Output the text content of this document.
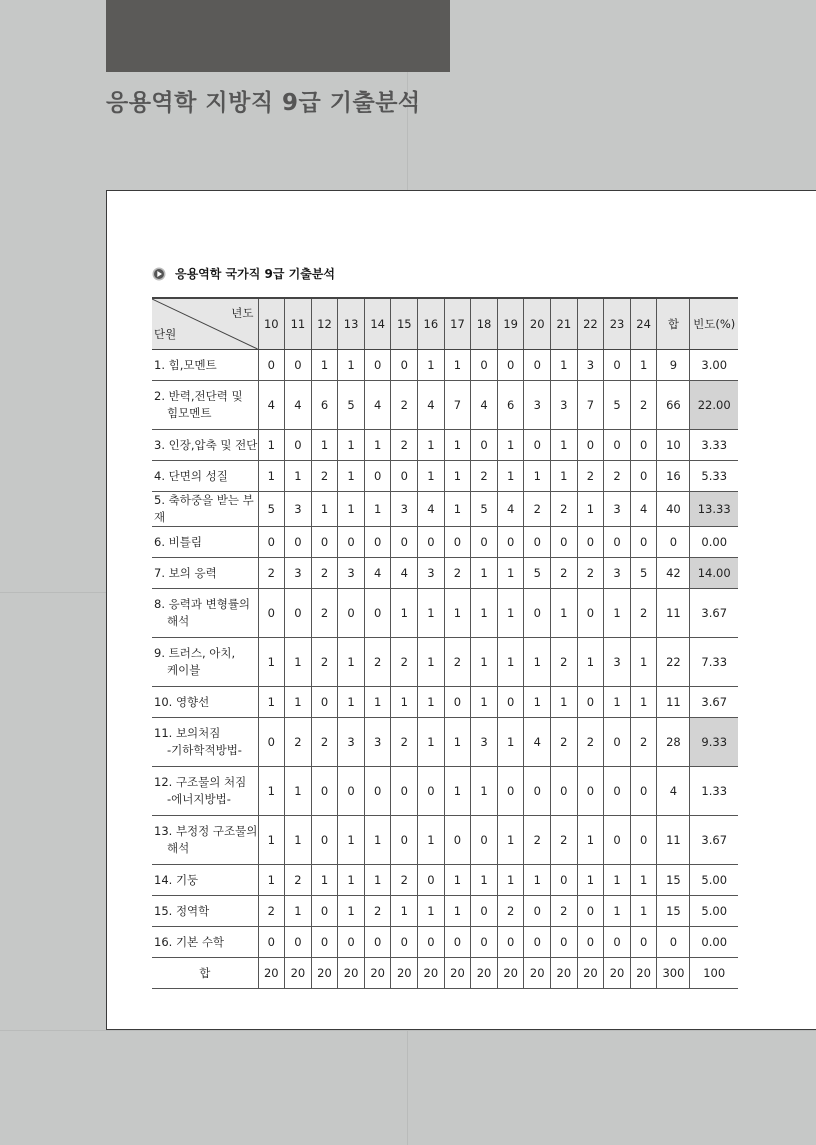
응용역학 지방직 9급 기출분석
응용역학 국가직 9급 기출분석
년도
단원	10	11	12	13	14	15	16	17	18	19	20	21	22	23	24	합	빈도(%)

1. 힘,모멘트	0	0	1	1	0	0	1	1	0	0	0	1	3	0	1	9	3.00

2. 반력,전단력 및
힘모멘트	4	4	6	5	4	2	4	7	4	6	3	3	7	5	2	66	22.00

3. 인장,압축 및 전단	1	0	1	1	1	2	1	1	0	1	0	1	0	0	0	10	3.33

4. 단면의 성질	1	1	2	1	0	0	1	1	2	1	1	1	2	2	0	16	5.33

5. 축하중을 받는 부재	5	3	1	1	1	3	4	1	5	4	2	2	1	3	4	40	13.33

6. 비틀림	0	0	0	0	0	0	0	0	0	0	0	0	0	0	0	0	0.00

7. 보의 응력	2	3	2	3	4	4	3	2	1	1	5	2	2	3	5	42	14.00

8. 응력과 변형률의
해석	0	0	2	0	0	1	1	1	1	1	0	1	0	1	2	11	3.67

9. 트러스, 아치,
케이블	1	1	2	1	2	2	1	2	1	1	1	2	1	3	1	22	7.33

10. 영향선	1	1	0	1	1	1	1	0	1	0	1	1	0	1	1	11	3.67

11. 보의처짐
-기하학적방법-	0	2	2	3	3	2	1	1	3	1	4	2	2	0	2	28	9.33

12. 구조물의 처짐
-에너지방법-	1	1	0	0	0	0	0	1	1	0	0	0	0	0	0	4	1.33

13. 부정정 구조물의
해석	1	1	0	1	1	0	1	0	0	1	2	2	1	0	0	11	3.67

14. 기둥	1	2	1	1	1	2	0	1	1	1	1	0	1	1	1	15	5.00

15. 정역학	2	1	0	1	2	1	1	1	0	2	0	2	0	1	1	15	5.00

16. 기본 수학	0	0	0	0	0	0	0	0	0	0	0	0	0	0	0	0	0.00
합	20	20	20	20	20	20	20	20	20	20	20	20	20	20	20	300	100
